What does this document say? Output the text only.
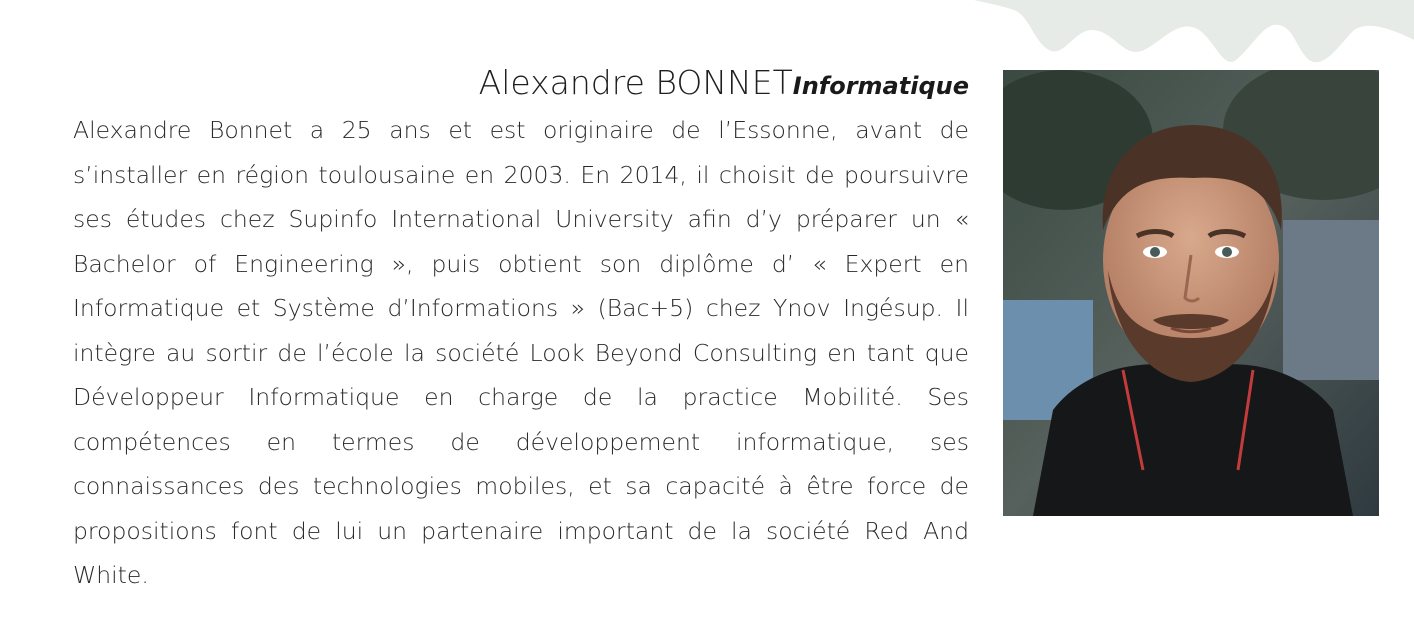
Alexandre BONNETInformatique

Alexandre Bonnet a 25 ans et est originaire de l’Essonne, avant de s’installer en région toulousaine en 2003. En 2014, il choisit de poursuivre ses études chez Supinfo International University afin d’y préparer un « Bachelor of Engineering », puis obtient son diplôme d’ « Expert en Informatique et Système d’Informations » (Bac+5) chez Ynov Ingésup. Il intègre au sortir de l’école la société Look Beyond Consulting en tant que Développeur Informatique en charge de la practice Mobilité. Ses compétences en termes de développement informatique, ses connaissances des technologies mobiles, et sa capacité à être force de propositions font de lui un partenaire important de la société Red And White.
